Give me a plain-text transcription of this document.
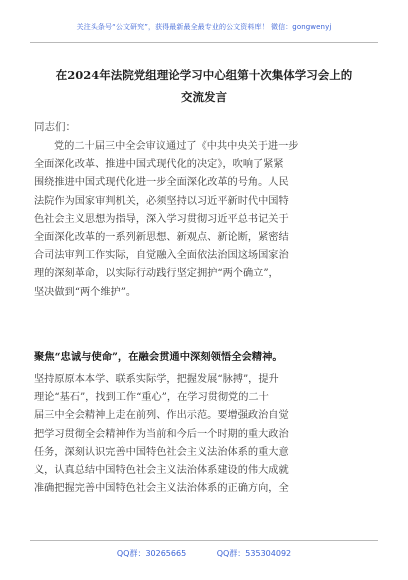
关注头条号“公文研究”，获得最新最全最专业的公文资料库！ 微信：gongwenyj
在2024年法院党组理论学习中心组第十次集体学习会上的
交流发言
同志们：
党的二十届三中全会审议通过了《中共中央关于进一步
全面深化改革、推进中国式现代化的决定》，吹响了紧紧
围绕推进中国式现代化进一步全面深化改革的号角。人民
法院作为国家审判机关，必须坚持以习近平新时代中国特
色社会主义思想为指导，深入学习贯彻习近平总书记关于
全面深化改革的一系列新思想、新观点、新论断，紧密结
合司法审判工作实际，自觉融入全面依法治国这场国家治
理的深刻革命，以实际行动践行坚定拥护“两个确立”，
坚决做到“两个维护”。
聚焦“忠诚与使命”，在融会贯通中深刻领悟全会精神。
坚持原原本本学、联系实际学，把握发展“脉搏”，提升
理论“基石”，找到工作“重心”，在学习贯彻党的二十
届三中全会精神上走在前列、作出示范。要增强政治自觉
把学习贯彻全会精神作为当前和今后一个时期的重大政治
任务，深刻认识完善中国特色社会主义法治体系的重大意
义，认真总结中国特色社会主义法治体系建设的伟大成就
准确把握完善中国特色社会主义法治体系的正确方向，全
QQ群：30265665	QQ群：535304092
